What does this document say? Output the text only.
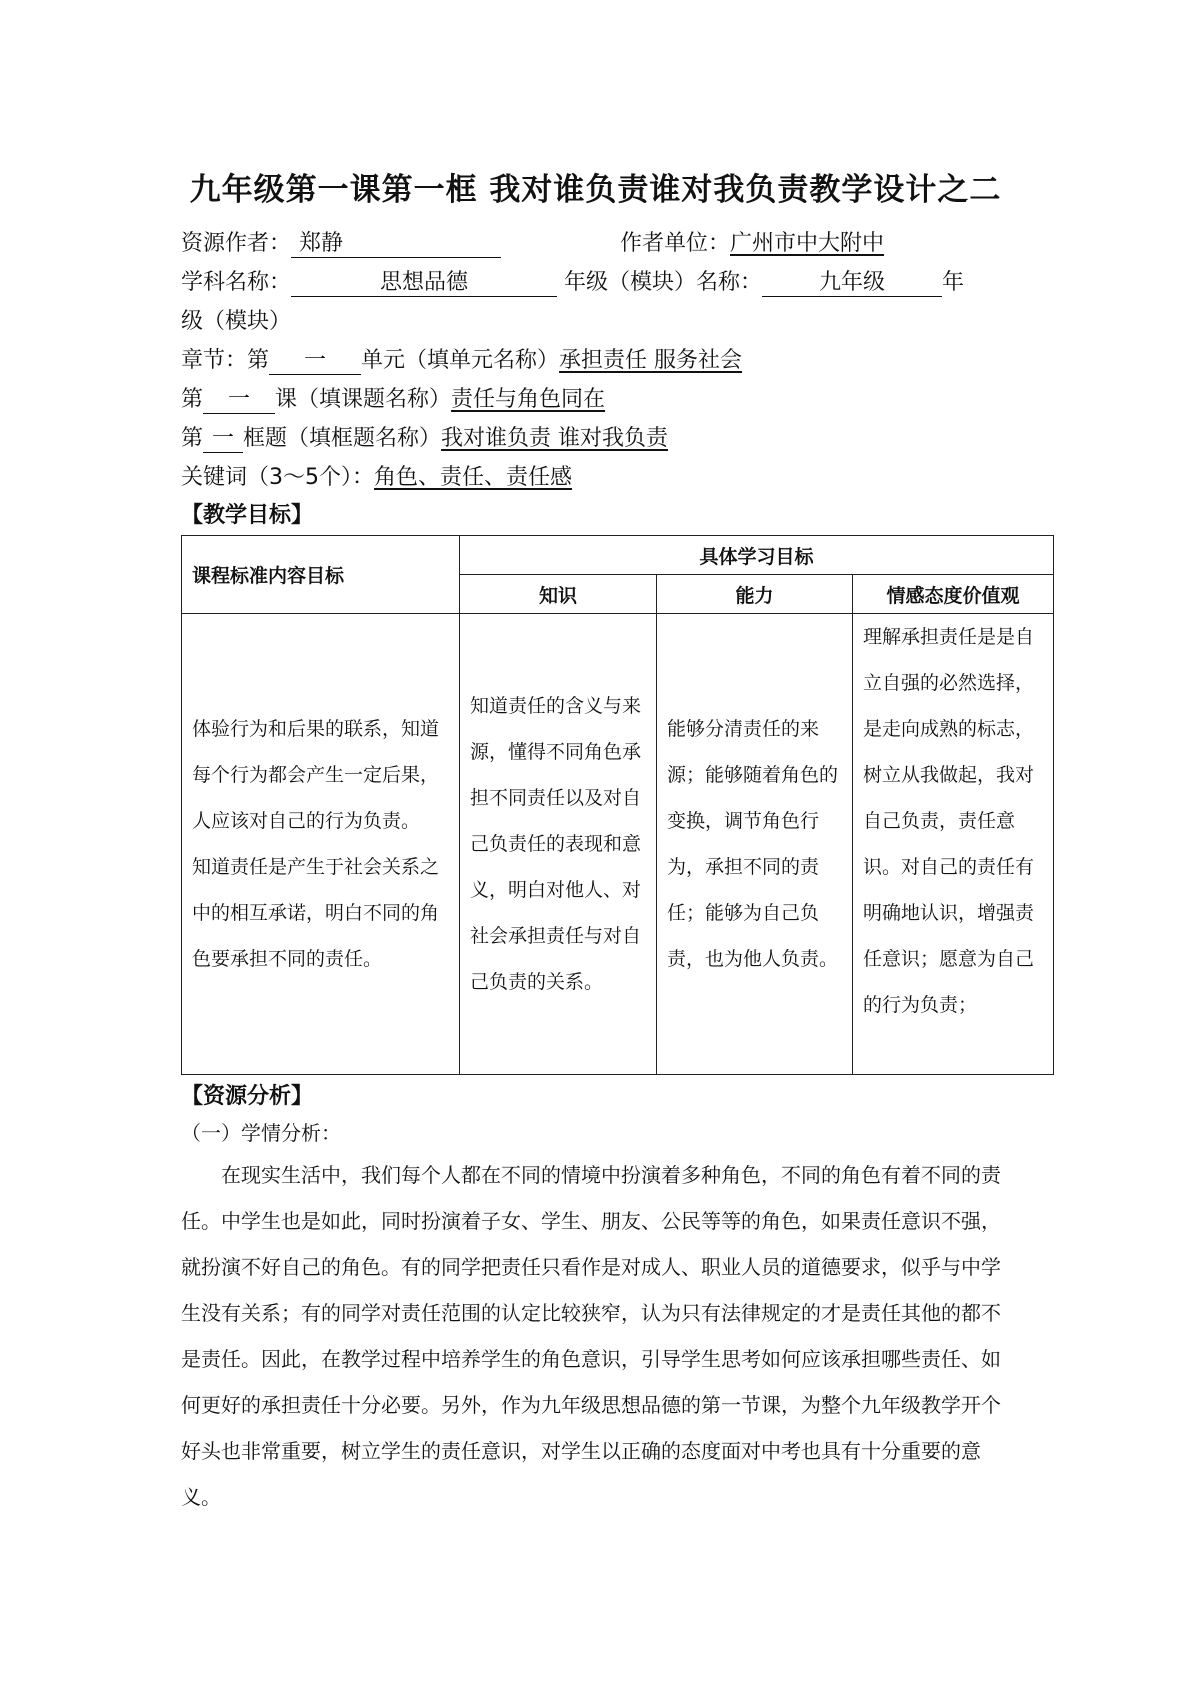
九年级第一课第一框 我对谁负责谁对我负责教学设计之二
资源作者： 郑静	作者单位：广州市中大附中
学科名称：	思想品德	年级（模块）名称：	九年级	年
级（模块）
章节：第 一 单元（填单元名称）承担责任 服务社会
第 一 课（填课题名称）责任与角色同在
第 一 框题（填框题名称）我对谁负责 谁对我负责
关键词（3～5个）：角色、责任、责任感
【教学目标】
课程标准内容目标	具体学习目标		
	知识	能力	情感态度价值观

体验行为和后果的联系，知道每个行为都会产生一定后果，人应该对自己的行为负责。
知道责任是产生于社会关系之中的相互承诺，明白不同的角色要承担不同的责任。	知道责任的含义与来源，懂得不同角色承担不同责任以及对自己负责任的表现和意义，明白对他人、对社会承担责任与对自己负责的关系。	能够分清责任的来源；能够随着角色的变换，调节角色行为，承担不同的责任；能够为自己负责，也为他人负责。	理解承担责任是是自立自强的必然选择，是走向成熟的标志，树立从我做起，我对自己负责，责任意识。对自己的责任有明确地认识，增强责任意识；愿意为自己的行为负责；
【资源分析】
（一）学情分析：
在现实生活中，我们每个人都在不同的情境中扮演着多种角色，不同的角色有着不同的责任。中学生也是如此，同时扮演着子女、学生、朋友、公民等等的角色，如果责任意识不强，就扮演不好自己的角色。有的同学把责任只看作是对成人、职业人员的道德要求，似乎与中学生没有关系；有的同学对责任范围的认定比较狭窄，认为只有法律规定的才是责任其他的都不是责任。因此，在教学过程中培养学生的角色意识，引导学生思考如何应该承担哪些责任、如何更好的承担责任十分必要。另外，作为九年级思想品德的第一节课，为整个九年级教学开个好头也非常重要，树立学生的责任意识，对学生以正确的态度面对中考也具有十分重要的意义。
